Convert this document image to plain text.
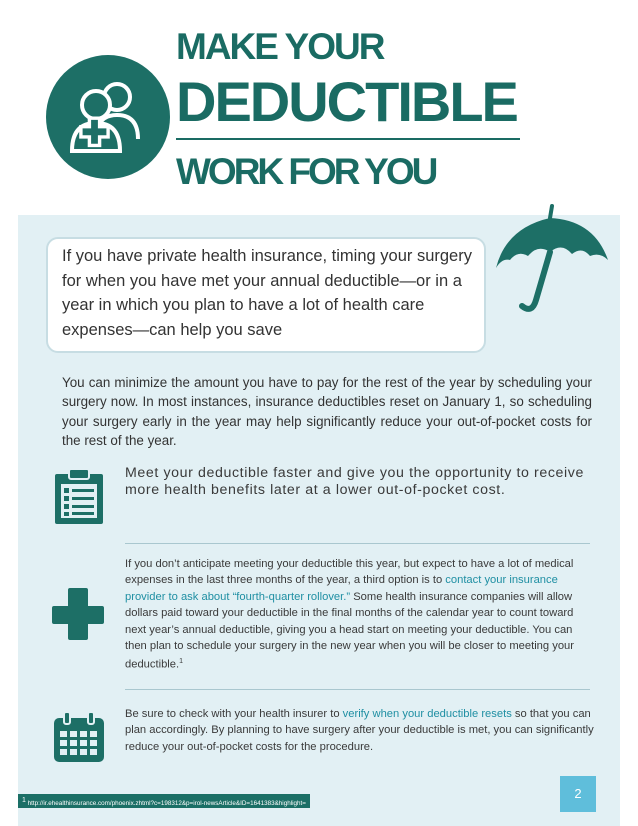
MAKE YOUR
DEDUCTIBLE
WORK FOR YOU
If you have private health insurance, timing your surgery for when you have met your annual deductible—or in a year in which you plan to have a lot of health care expenses—can help you save
You can minimize the amount you have to pay for the rest of the year by scheduling your surgery now. In most instances, insurance deductibles reset on January 1, so scheduling your surgery early in the year may help significantly reduce your out-of-pocket costs for the rest of the year.
Meet your deductible faster and give you the opportunity to receive more health benefits later at a lower out-of-pocket cost.
If you don’t anticipate meeting your deductible this year, but expect to have a lot of medical expenses in the last three months of the year, a third option is to contact your insurance provider to ask about “fourth-quarter rollover.” Some health insurance companies will allow dollars paid toward your deductible in the final months of the calendar year to count toward next year’s annual deductible, giving you a head start on meeting your deductible. You can then plan to schedule your surgery in the new year when you will be closer to meeting your deductible.$^1$
Be sure to check with your health insurer to verify when your deductible resets so that you can plan accordingly. By planning to have surgery after your deductible is met, you can significantly reduce your out-of-pocket costs for the procedure.
1 http://ir.ehealthinsurance.com/phoenix.zhtml?c=198312&p=irol-newsArticle&ID=1641383&highlight=
2
